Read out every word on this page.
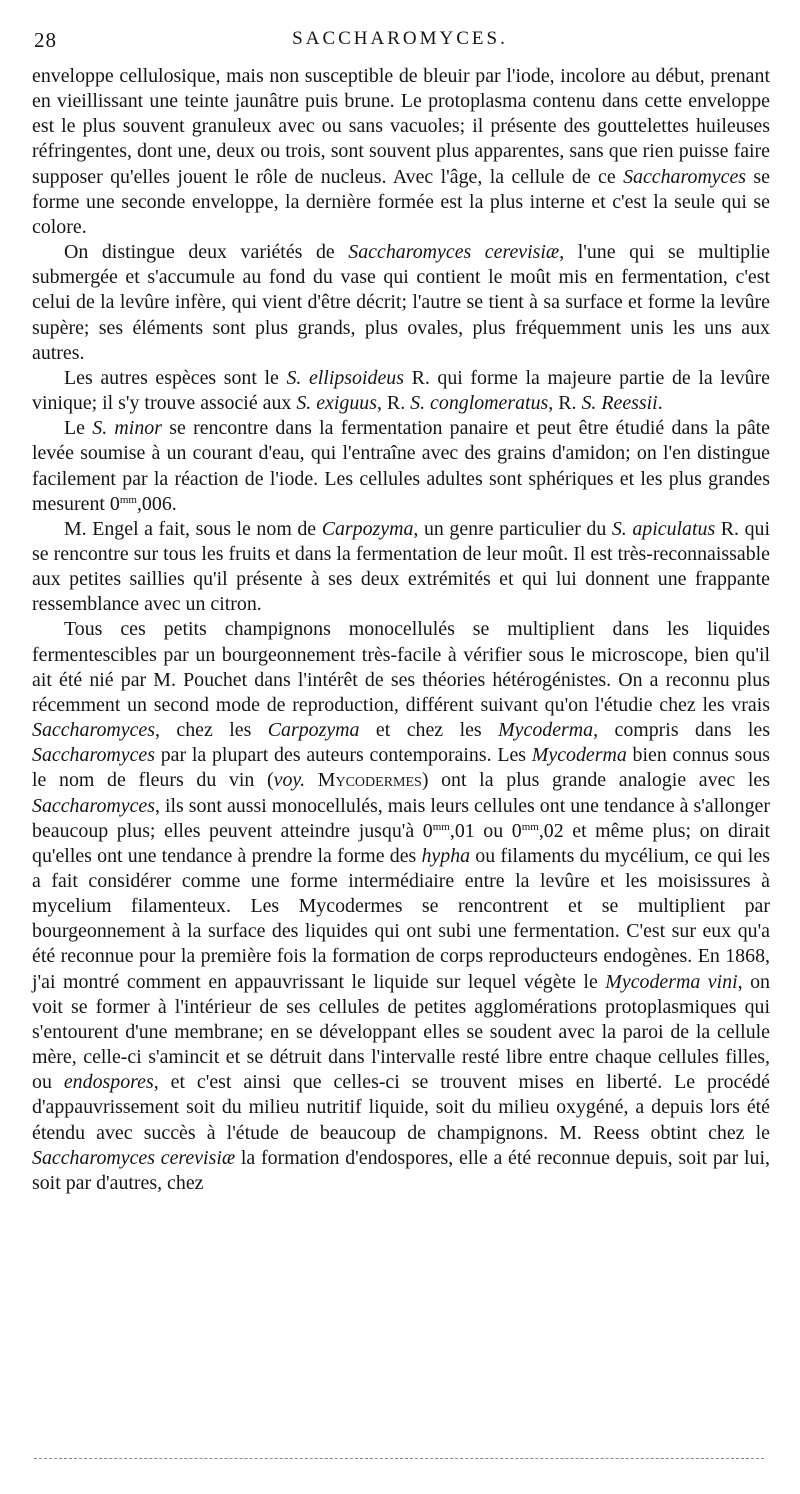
28	SACCHAROMYCES.

enveloppe cellulosique, mais non susceptible de bleuir par l'iode, incolore au début, prenant en vieillissant une teinte jaunâtre puis brune. Le protoplasma contenu dans cette enveloppe est le plus souvent granuleux avec ou sans vacuoles; il présente des gouttelettes huileuses réfringentes, dont une, deux ou trois, sont souvent plus apparentes, sans que rien puisse faire supposer qu'elles jouent le rôle de nucleus. Avec l'âge, la cellule de ce Saccharomyces se forme une seconde enveloppe, la dernière formée est la plus interne et c'est la seule qui se colore.

On distingue deux variétés de Saccharomyces cerevisiæ, l'une qui se multiplie submergée et s'accumule au fond du vase qui contient le moût mis en fermentation, c'est celui de la levûre infère, qui vient d'être décrit; l'autre se tient à sa surface et forme la levûre supère; ses éléments sont plus grands, plus ovales, plus fréquemment unis les uns aux autres.

Les autres espèces sont le S. ellipsoideus R. qui forme la majeure partie de la levûre vinique; il s'y trouve associé aux S. exiguus, R. S. conglomeratus, R. S. Reessii.

Le S. minor se rencontre dans la fermentation panaire et peut être étudié dans la pâte levée soumise à un courant d'eau, qui l'entraîne avec des grains d'amidon; on l'en distingue facilement par la réaction de l'iode. Les cellules adultes sont sphériques et les plus grandes mesurent $0^{mm},006$.

M. Engel a fait, sous le nom de Carpozyma, un genre particulier du S. apiculatus R. qui se rencontre sur tous les fruits et dans la fermentation de leur moût. Il est très-reconnaissable aux petites saillies qu'il présente à ses deux extrémités et qui lui donnent une frappante ressemblance avec un citron.

Tous ces petits champignons monocellulés se multiplient dans les liquides fermentescibles par un bourgeonnement très-facile à vérifier sous le microscope, bien qu'il ait été nié par M. Pouchet dans l'intérêt de ses théories hétérogénistes. On a reconnu plus récemment un second mode de reproduction, différent suivant qu'on l'étudie chez les vrais Saccharomyces, chez les Carpozyma et chez les Mycoderma, compris dans les Saccharomyces par la plupart des auteurs contemporains. Les Mycoderma bien connus sous le nom de fleurs du vin (voy. Mycodermes) ont la plus grande analogie avec les Saccharomyces, ils sont aussi monocellulés, mais leurs cellules ont une tendance à s'allonger beaucoup plus; elles peuvent atteindre jusqu'à $0^{mm},01$ ou $0^{mm},02$ et même plus; on dirait qu'elles ont une tendance à prendre la forme des hypha ou filaments du mycélium, ce qui les a fait considérer comme une forme intermédiaire entre la levûre et les moisissures à mycelium filamenteux. Les Mycodermes se rencontrent et se multiplient par bourgeonnement à la surface des liquides qui ont subi une fermentation. C'est sur eux qu'a été reconnue pour la première fois la formation de corps reproducteurs endogènes. En 1868, j'ai montré comment en appauvrissant le liquide sur lequel végète le Mycoderma vini, on voit se former à l'intérieur de ses cellules de petites agglomérations protoplasmiques qui s'entourent d'une membrane; en se développant elles se soudent avec la paroi de la cellule mère, celle-ci s'amincit et se détruit dans l'intervalle resté libre entre chaque cellules filles, ou endospores, et c'est ainsi que celles-ci se trouvent mises en liberté. Le procédé d'appauvrissement soit du milieu nutritif liquide, soit du milieu oxygéné, a depuis lors été étendu avec succès à l'étude de beaucoup de champignons. M. Reess obtint chez le Saccharomyces cerevisiæ la formation d'endospores, elle a été reconnue depuis, soit par lui, soit par d'autres, chez
